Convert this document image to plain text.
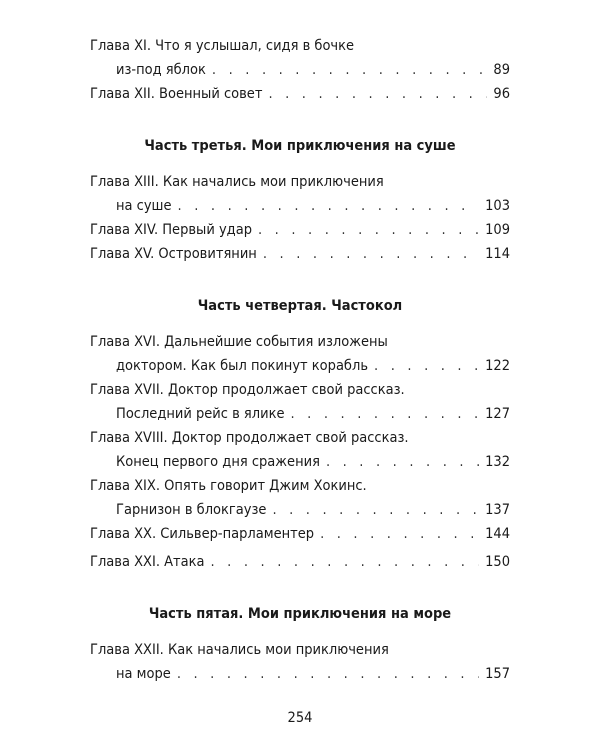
Глава XI. Что я услышал, сидя в бочке
из-под яблок . . .	89
Глава XII. Военный совет . . .	96
Часть третья. Мои приключения на суше
Глава XIII. Как начались мои приключения
на суше . . .	103
Глава XIV. Первый удар . . .	109
Глава XV. Островитянин . . .	114
Часть четвертая. Частокол
Глава XVI. Дальнейшие события изложены
доктором. Как был покинут корабль . . .	122
Глава XVII. Доктор продолжает свой рассказ.
Последний рейс в ялике . . .	127
Глава XVIII. Доктор продолжает свой рассказ.
Конец первого дня сражения . . .	132
Глава XIX. Опять говорит Джим Хокинс.
Гарнизон в блокгаузе . . .	137
Глава XX. Сильвер-парламентер . . .	144
Глава XXI. Атака . . .	150
Часть пятая. Мои приключения на море
Глава XXII. Как начались мои приключения
на море . . .	157
254
